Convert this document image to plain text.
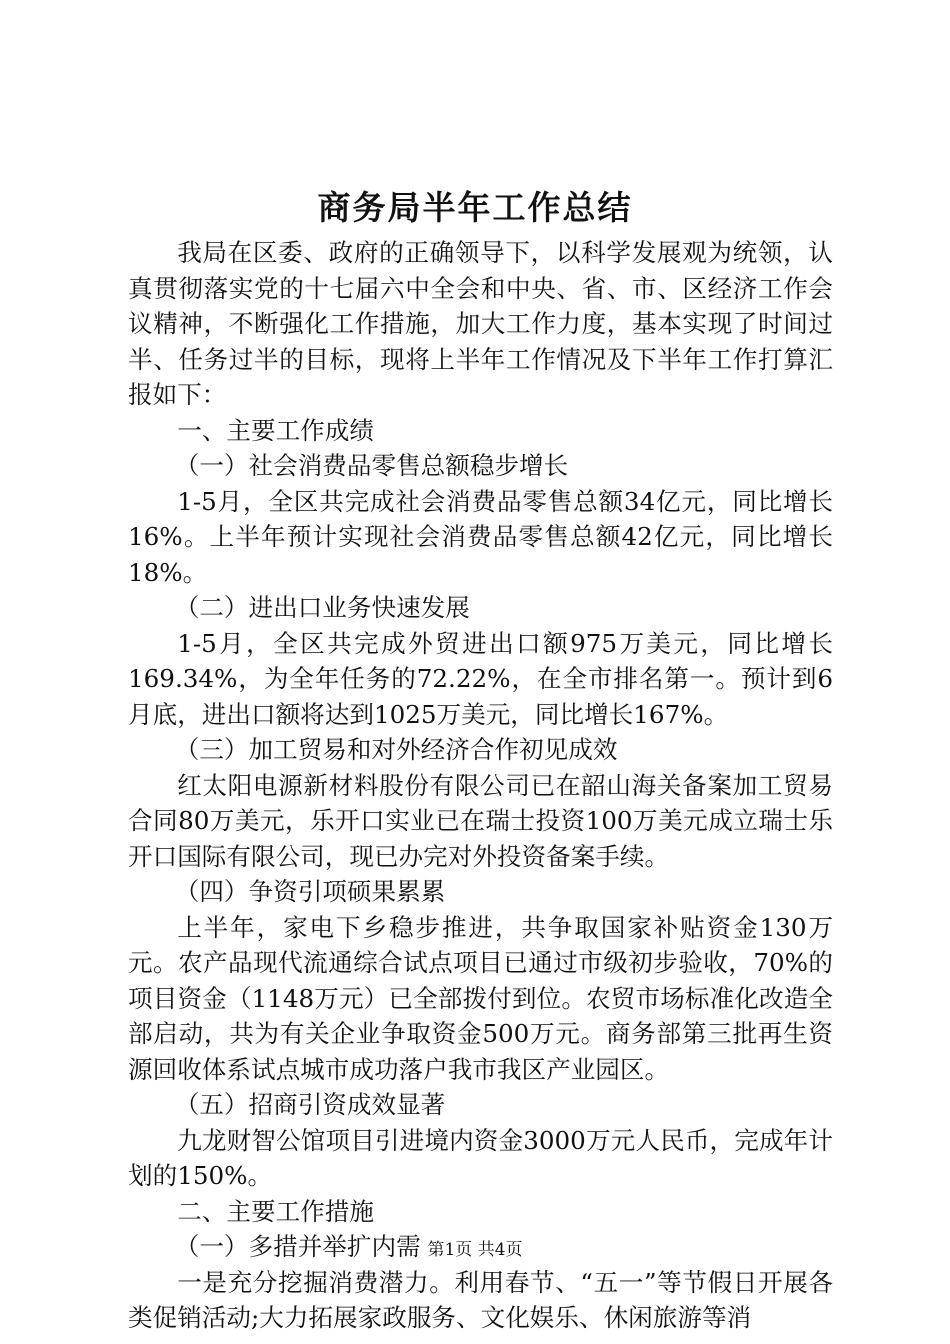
商务局半年工作总结

我局在区委、政府的正确领导下，以科学发展观为统领，认真贯彻落实党的十七届六中全会和中央、省、市、区经济工作会议精神，不断强化工作措施，加大工作力度，基本实现了时间过半、任务过半的目标，现将上半年工作情况及下半年工作打算汇报如下：

一、主要工作成绩

（一）社会消费品零售总额稳步增长

1-5月，全区共完成社会消费品零售总额34亿元，同比增长16%。上半年预计实现社会消费品零售总额42亿元，同比增长18%。

（二）进出口业务快速发展

1-5月，全区共完成外贸进出口额975万美元，同比增长169.34%，为全年任务的72.22%，在全市排名第一。预计到6月底，进出口额将达到1025万美元，同比增长167%。

（三）加工贸易和对外经济合作初见成效

红太阳电源新材料股份有限公司已在韶山海关备案加工贸易合同80万美元，乐开口实业已在瑞士投资100万美元成立瑞士乐开口国际有限公司，现已办完对外投资备案手续。

（四）争资引项硕果累累

上半年，家电下乡稳步推进，共争取国家补贴资金130万元。农产品现代流通综合试点项目已通过市级初步验收，70%的项目资金（1148万元）已全部拨付到位。农贸市场标准化改造全部启动，共为有关企业争取资金500万元。商务部第三批再生资源回收体系试点城市成功落户我市我区产业园区。

（五）招商引资成效显著

九龙财智公馆项目引进境内资金3000万元人民币，完成年计划的150%。

二、主要工作措施

（一）多措并举扩内需

一是充分挖掘消费潜力。利用春节、“五一”等节假日开展各类促销活动;大力拓展家政服务、文化娱乐、休闲旅游等消

第1页 共4页
